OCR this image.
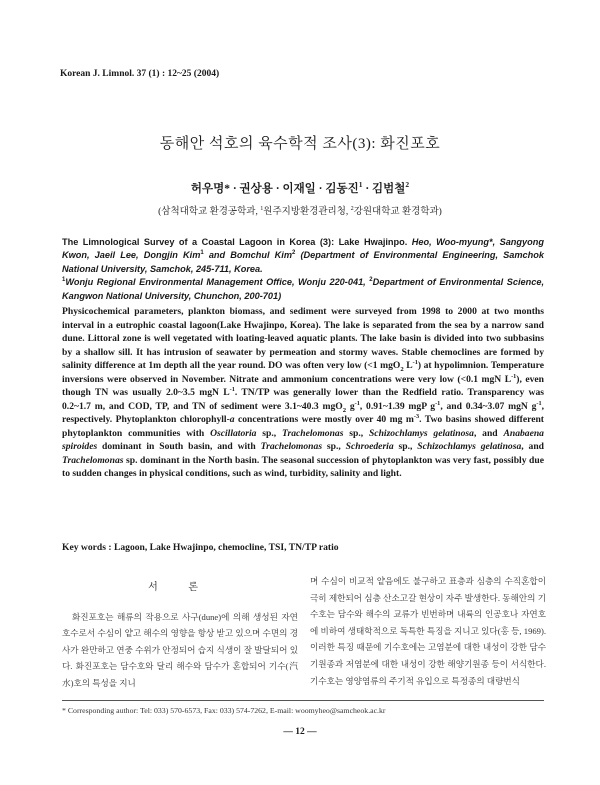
Korean J. Limnol. 37 (1) : 12~25 (2004)
동해안 석호의 육수학적 조사(3): 화진포호
허우명* · 권상용 · 이재일 · 김동진$^1$ · 김범철$^2$
(삼척대학교 환경공학과, $^1$원주지방환경관리청, $^2$강원대학교 환경학과)
The Limnological Survey of a Coastal Lagoon in Korea (3): Lake Hwajinpo. Heo, Woo-myung*, Sangyong Kwon, Jaeil Lee, Dongjin Kim$^1$ and Bomchul Kim$^2$ (Department of Environmental Engineering, Samchok National University, Samchok, 245-711, Korea.
$^1$Wonju Regional Environmental Management Office, Wonju 220-041, $^2$Department of Environmental Science, Kangwon National University, Chunchon, 200-701)
Physicochemical parameters, plankton biomass, and sediment were surveyed from 1998 to 2000 at two months interval in a eutrophic coastal lagoon(Lake Hwajinpo, Korea). The lake is separated from the sea by a narrow sand dune. Littoral zone is well vegetated with loating-leaved aquatic plants. The lake basin is divided into two subbasins by a shallow sill. It has intrusion of seawater by permeation and stormy waves. Stable chemoclines are formed by salinity difference at 1m depth all the year round. DO was often very low (<1 mgO$_2$ $L^{-1}$) at hypolimnion. Temperature inversions were observed in November. Nitrate and ammonium concentrations were very low (<0.1 mgN $L^{-1}$), even though TN was usually 2.0~3.5 mgN $L^{-1}$. TN/TP was generally lower than the Redfield ratio. Transparency was 0.2~1.7 m, and COD, TP, and TN of sediment were 3.1~40.3 mgO$_2$ $g^{-1}$, 0.91~1.39 mgP $g^{-1}$, and 0.34~3.07 mgN $g^{-1}$, respectively. Phytoplankton chlorophyll-a concentrations were mostly over 40 mg $m^{-3}$. Two basins showed different phytoplankton communities with Oscillatoria sp., Trachelomonas sp., Schizochlamys gelatinosa, and Anabaena spiroides dominant in South basin, and with Trachelomonas sp., Schroederia sp., Schizochlamys gelatinosa, and Trachelomonas sp. dominant in the North basin. The seasonal succession of phytoplankton was very fast, possibly due to sudden changes in physical conditions, such as wind, turbidity, salinity and light.
Key words : Lagoon, Lake Hwajinpo, chemocline, TSI, TN/TP ratio
서 론

화진포호는 해류의 작용으로 사구(dune)에 의해 생성된 자연호수로서 수심이 얕고 해수의 영향을 항상 받고 있으며 수면의 경사가 완만하고 연중 수위가 안정되어 습지 식생이 잘 발달되어 있다. 화진포호는 담수호와 달리 해수와 담수가 혼합되어 기수(汽水)호의 특성을 지니

며 수심이 비교적 얕음에도 불구하고 표층과 심층의 수직혼합이 극히 제한되어 심층 산소고갈 현상이 자주 발생한다. 동해안의 기수호는 담수와 해수의 교류가 빈번하며 내륙의 인공호나 자연호에 비하여 생태학적으로 독특한 특징을 지니고 있다(홍 등, 1969). 이러한 특징 때문에 기수호에는 고염분에 대한 내성이 강한 담수기원종과 저염분에 대한 내성이 강한 해양기원종 등이 서식한다. 기수호는 영양염류의 주기적 유입으로 특정종의 대량번식

* Corresponding author: Tel: 033) 570-6573, Fax: 033) 574-7262, E-mail: woomyheo@samcheok.ac.kr
— 12 —
